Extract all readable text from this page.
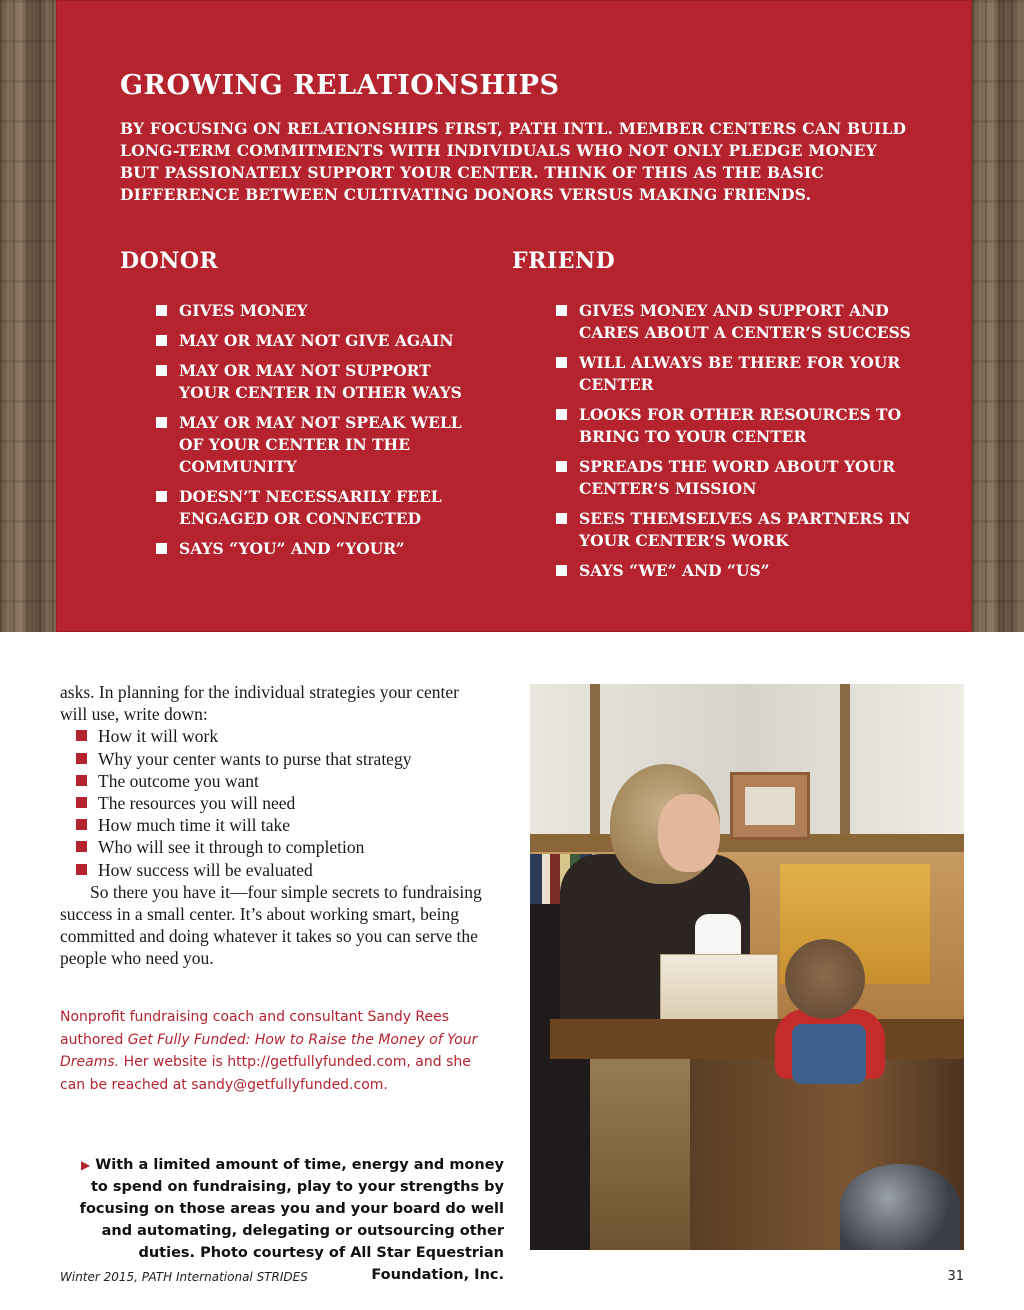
GROWING RELATIONSHIPS
BY FOCUSING ON RELATIONSHIPS FIRST, PATH INTL. MEMBER CENTERS CAN BUILD LONG-TERM COMMITMENTS WITH INDIVIDUALS WHO NOT ONLY PLEDGE MONEY BUT PASSIONATELY SUPPORT YOUR CENTER. THINK OF THIS AS THE BASIC DIFFERENCE BETWEEN CULTIVATING DONORS VERSUS MAKING FRIENDS.
DONOR	FRIEND
GIVES MONEY
MAY OR MAY NOT GIVE AGAIN
MAY OR MAY NOT SUPPORT YOUR CENTER IN OTHER WAYS
MAY OR MAY NOT SPEAK WELL OF YOUR CENTER IN THE COMMUNITY
DOESN’T NECESSARILY FEEL ENGAGED OR CONNECTED
SAYS “YOU” AND “YOUR”
GIVES MONEY AND SUPPORT AND CARES ABOUT A CENTER’S SUCCESS
WILL ALWAYS BE THERE FOR YOUR CENTER
LOOKS FOR OTHER RESOURCES TO BRING TO YOUR CENTER
SPREADS THE WORD ABOUT YOUR CENTER’S MISSION
SEES THEMSELVES AS PARTNERS IN YOUR CENTER’S WORK
SAYS “WE” AND “US”

asks. In planning for the individual strategies your center will use, write down:

How it will work
Why your center wants to purse that strategy
The outcome you want
The resources you will need
How much time it will take
Who will see it through to completion
How success will be evaluated

So there you have it—four simple secrets to fundraising success in a small center. It’s about working smart, being committed and doing whatever it takes so you can serve the people who need you.

Nonprofit fundraising coach and consultant Sandy Rees authored Get Fully Funded: How to Raise the Money of Your Dreams. Her website is http://getfullyfunded.com, and she can be reached at sandy@getfullyfunded.com.
▶ With a limited amount of time, energy and money to spend on fundraising, play to your strengths by focusing on those areas you and your board do well and automating, delegating or outsourcing other duties. Photo courtesy of All Star Equestrian Foundation, Inc.
Winter 2015, PATH International STRIDES	31
